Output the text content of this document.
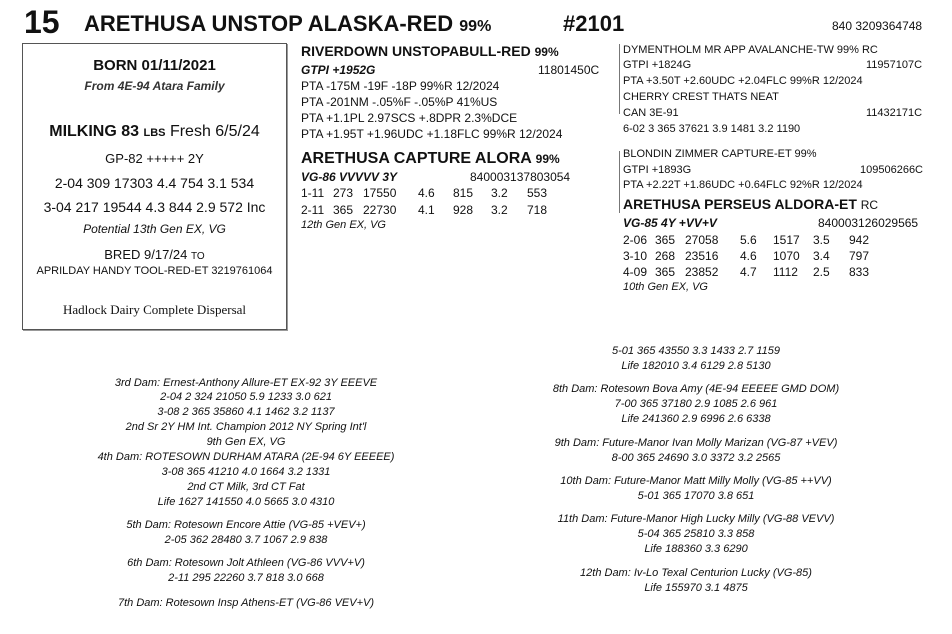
15 ARETHUSA UNSTOP ALASKA-RED 99%	#2101	840 3209364748
BORN 01/11/2021
From 4E-94 Atara Family
MILKING 83 LBS Fresh 6/5/24
GP-82 +++++ 2Y
2-04 309 17303 4.4 754 3.1 534
3-04 217 19544 4.3 844 2.9 572 Inc
Potential 13th Gen EX, VG
BRED 9/17/24 TO
APRILDAY HANDY TOOL-RED-ET 3219761064
Hadlock Dairy Complete Dispersal
RIVERDOWN UNSTOPABULL-RED 99%
GTPI +1952G	11801450C
PTA -175M -19F -18P 99%R 12/2024
PTA -201NM -.05%F -.05%P 41%US
PTA +1.1PL 2.97SCS +.8DPR 2.3%DCE
PTA +1.95T +1.96UDC +1.18FLC 99%R 12/2024
ARETHUSA CAPTURE ALORA 99%
VG-86 VVVVV 3Y	840003137803054
1-11 273 17550 4.6 815 3.2 553
2-11 365 22730 4.1 928 3.2 718
12th Gen EX, VG
DYMENTHOLM MR APP AVALANCHE-TW 99% RC
GTPI +1824G	11957107C
PTA +3.50T +2.60UDC +2.04FLC 99%R 12/2024
CHERRY CREST THATS NEAT
CAN 3E-91	11432171C
6-02 3 365 37621 3.9 1481 3.2 1190
BLONDIN ZIMMER CAPTURE-ET 99%
GTPI +1893G	109506266C
PTA +2.22T +1.86UDC +0.64FLC 92%R 12/2024
ARETHUSA PERSEUS ALDORA-ET RC
VG-85 4Y +VV+V	840003126029565
2-06 365 27058 5.6 1517 3.5 942
3-10 268 23516 4.6 1070 3.4 797
4-09 365 23852 4.7 1112 2.5 833
10th Gen EX, VG
3rd Dam: Ernest-Anthony Allure-ET EX-92 3Y EEEVE
2-04 2 324 21050 5.9 1233 3.0 621
3-08 2 365 35860 4.1 1462 3.2 1137
2nd Sr 2Y HM Int. Champion 2012 NY Spring Int'l
9th Gen EX, VG
4th Dam: ROTESOWN DURHAM ATARA (2E-94 6Y EEEEE)
3-08 365 41210 4.0 1664 3.2 1331
2nd CT Milk, 3rd CT Fat
Life 1627 141550 4.0 5665 3.0 4310
5th Dam: Rotesown Encore Attie (VG-85 +VEV+)
2-05 362 28480 3.7 1067 2.9 838
6th Dam: Rotesown Jolt Athleen (VG-86 VVV+V)
2-11 295 22260 3.7 818 3.0 668
7th Dam: Rotesown Insp Athens-ET (VG-86 VEV+V)
5-01 365 43550 3.3 1433 2.7 1159
Life 182010 3.4 6129 2.8 5130
8th Dam: Rotesown Bova Amy (4E-94 EEEEE GMD DOM)
7-00 365 37180 2.9 1085 2.6 961
Life 241360 2.9 6996 2.6 6338
9th Dam: Future-Manor Ivan Molly Marizan (VG-87 +VEV)
8-00 365 24690 3.0 3372 3.2 2565
10th Dam: Future-Manor Matt Milly Molly (VG-85 ++VV)
5-01 365 17070 3.8 651
11th Dam: Future-Manor High Lucky Milly (VG-88 VEVV)
5-04 365 25810 3.3 858
Life 188360 3.3 6290
12th Dam: Iv-Lo Texal Centurion Lucky (VG-85)
Life 155970 3.1 4875
